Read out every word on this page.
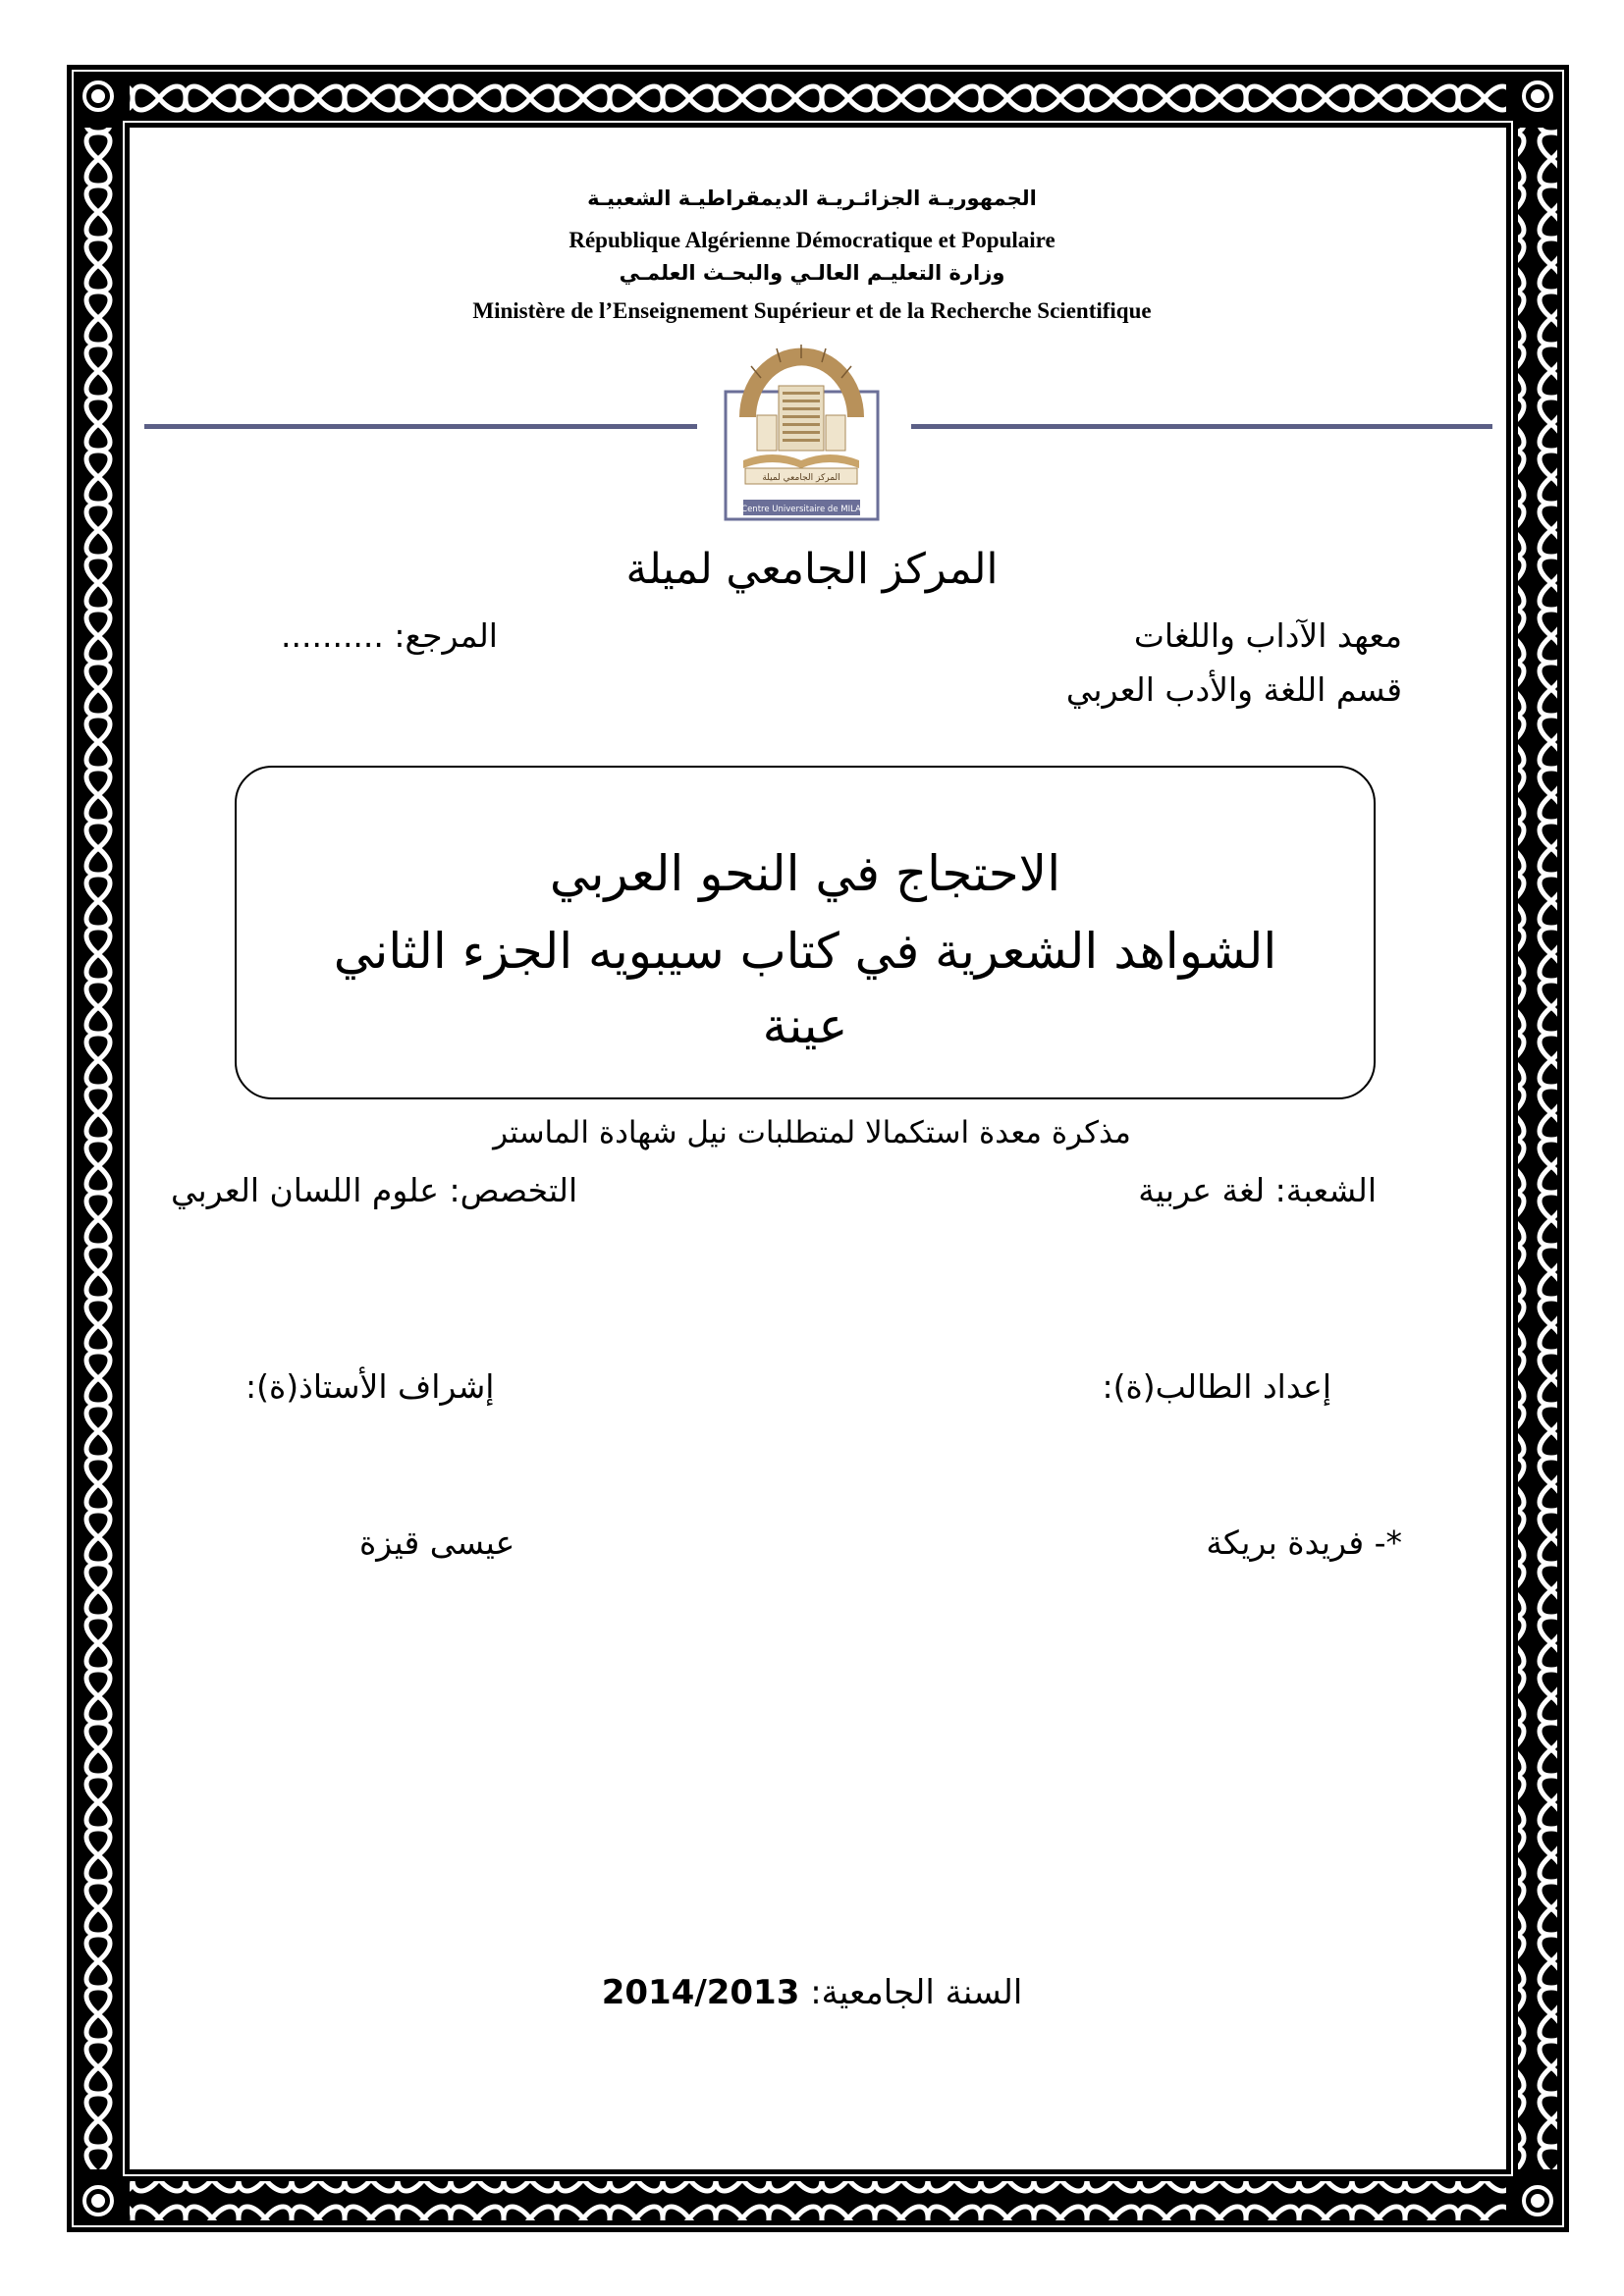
الجمهوريـة الجزائـريـة الديمقراطيـة الشعبيـة
République Algérienne Démocratique et Populaire
وزارة التعليـم العالـي والبحـث العلمـي
Ministère de l’Enseignement Supérieur et de la Recherche Scientifique
المركز الجامعي لميلة
Centre Universitaire de MILA
المركز الجامعي لميلة
معهد الآداب واللغات
المرجع: ..........
قسم اللغة والأدب العربي
الاحتجاج في النحو العربي
الشواهد الشعرية في كتاب سيبويه الجزء الثاني
عينة
مذكرة معدة استكمالا لمتطلبات نيل شهادة الماستر
الشعبة: لغة عربية
التخصص: علوم اللسان العربي
إعداد الطالب(ة):
إشراف الأستاذ(ة):
*- فريدة بريكة
عيسى قيزة
السنة الجامعية: 2014/2013
